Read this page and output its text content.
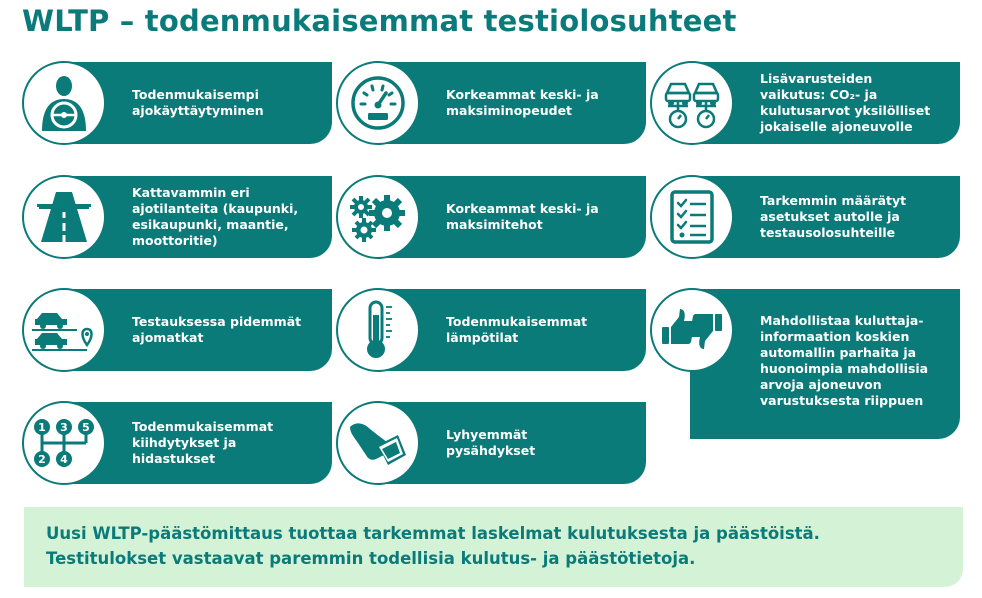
WLTP – todenmukaisemmat testiolosuhteet
Todenmukaisempi
ajokäyttäytyminen
Korkeammat keski- ja
maksiminopeudet
Lisävarusteiden
vaikutus: CO₂- ja
kulutusarvot yksilölliset
jokaiselle ajoneuvolle
Kattavammin eri
ajotilanteita (kaupunki,
esikaupunki, maantie,
moottoritie)
Korkeammat keski- ja
maksimitehot
Tarkemmin määrätyt
asetukset autolle ja
testausolosuhteille
Testauksessa pidemmät
ajomatkat
Todenmukaisemmat
lämpötilat
Mahdollistaa kuluttaja-
informaation koskien
automallin parhaita ja
huonoimpia mahdollisia
arvoja ajoneuvon
varustuksesta riippuen
1 3 5
2 4
Todenmukaisemmat
kiihdytykset ja
hidastukset
Lyhyemmät
pysähdykset

Uusi WLTP-päästömittaus tuottaa tarkemmat laskelmat kulutuksesta ja päästöistä.

Testitulokset vastaavat paremmin todellisia kulutus- ja päästötietoja.
